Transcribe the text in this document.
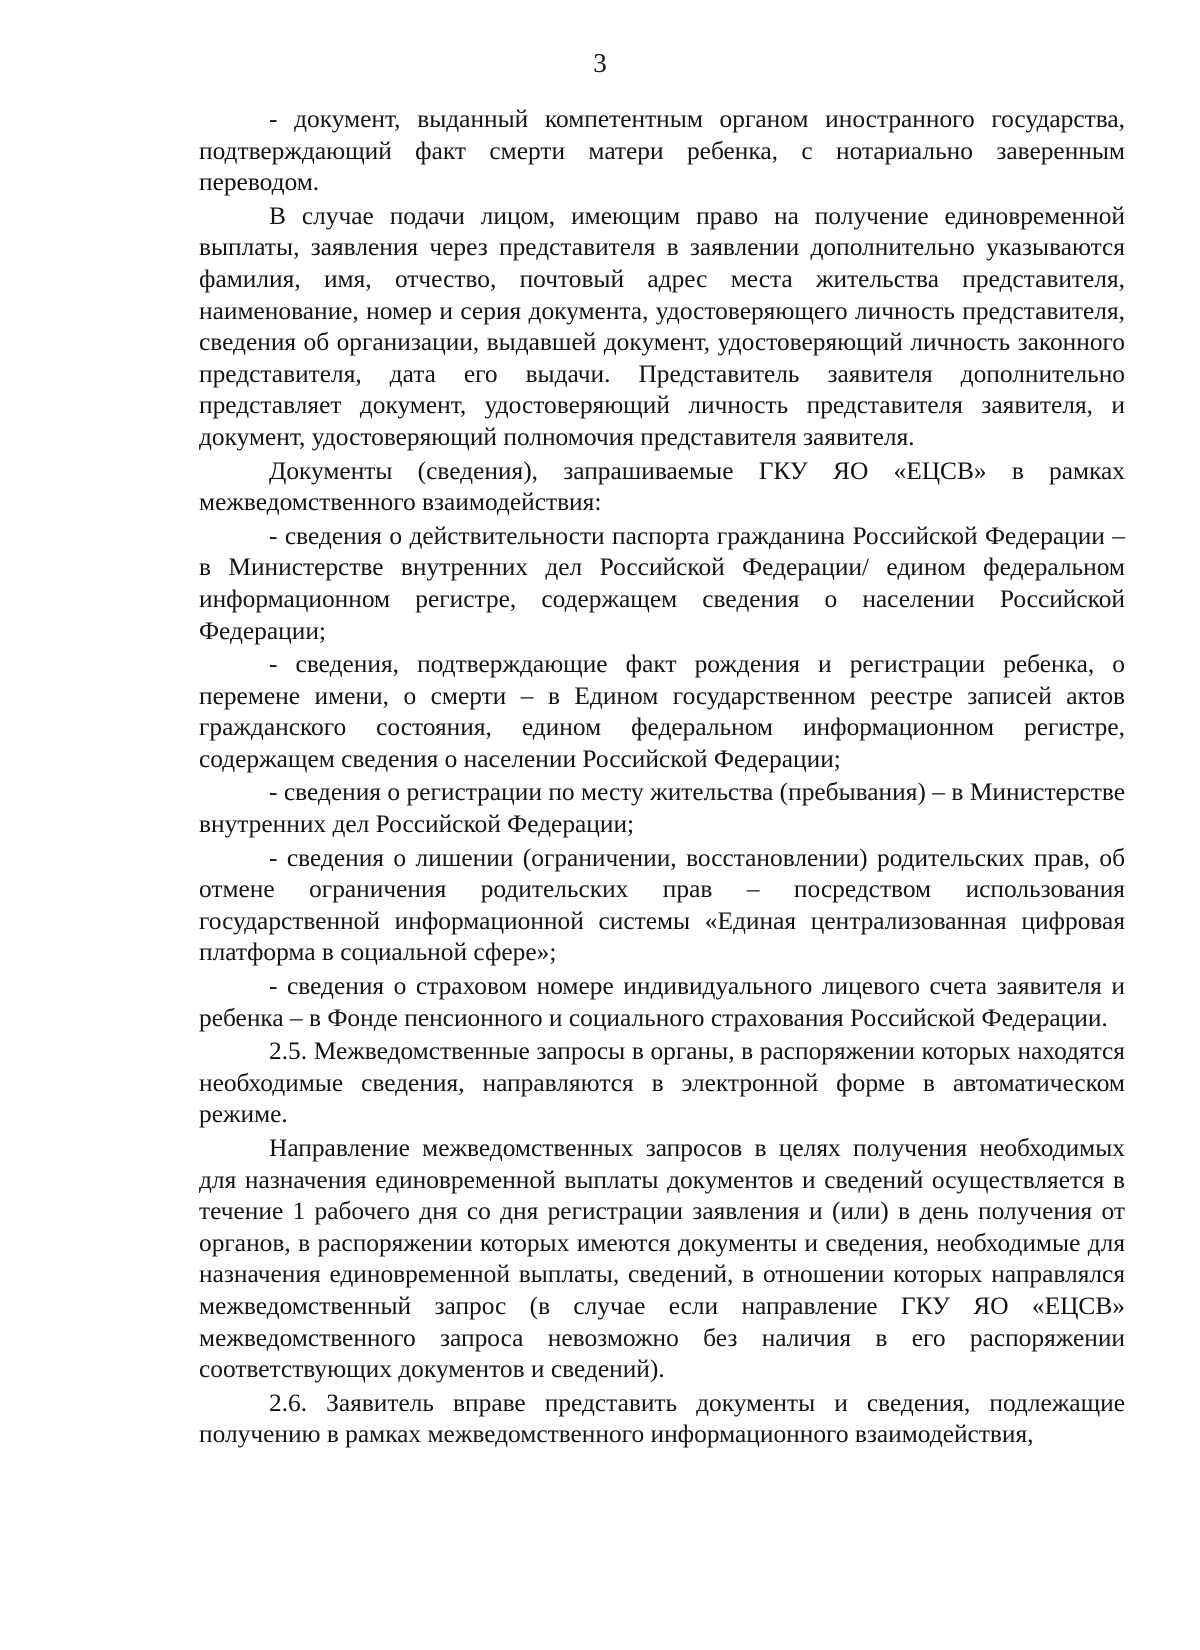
3

- документ, выданный компетентным органом иностранного государства, подтверждающий факт смерти матери ребенка, с нотариально заверенным переводом.

В случае подачи лицом, имеющим право на получение единовременной выплаты, заявления через представителя в заявлении дополнительно указываются фамилия, имя, отчество, почтовый адрес места жительства представителя, наименование, номер и серия документа, удостоверяющего личность представителя, сведения об организации, выдавшей документ, удостоверяющий личность законного представителя, дата его выдачи. Представитель заявителя дополнительно представляет документ, удостоверяющий личность представителя заявителя, и документ, удостоверяющий полномочия представителя заявителя.

Документы (сведения), запрашиваемые ГКУ ЯО «ЕЦСВ» в рамках межведомственного взаимодействия:

- сведения о действительности паспорта гражданина Российской Федерации – в Министерстве внутренних дел Российской Федерации/ едином федеральном информационном регистре, содержащем сведения о населении Российской Федерации;

- сведения, подтверждающие факт рождения и регистрации ребенка, о перемене имени, о смерти – в Едином государственном реестре записей актов гражданского состояния, едином федеральном информационном регистре, содержащем сведения о населении Российской Федерации;

- сведения о регистрации по месту жительства (пребывания) – в Министерстве внутренних дел Российской Федерации;

- сведения о лишении (ограничении, восстановлении) родительских прав, об отмене ограничения родительских прав – посредством использования государственной информационной системы «Единая централизованная цифровая платформа в социальной сфере»;

- сведения о страховом номере индивидуального лицевого счета заявителя и ребенка – в Фонде пенсионного и социального страхования Российской Федерации.

2.5. Межведомственные запросы в органы, в распоряжении которых находятся необходимые сведения, направляются в электронной форме в автоматическом режиме.

Направление межведомственных запросов в целях получения необходимых для назначения единовременной выплаты документов и сведений осуществляется в течение 1 рабочего дня со дня регистрации заявления и (или) в день получения от органов, в распоряжении которых имеются документы и сведения, необходимые для назначения единовременной выплаты, сведений, в отношении которых направлялся межведомственный запрос (в случае если направление ГКУ ЯО «ЕЦСВ» межведомственного запроса невозможно без наличия в его распоряжении соответствующих документов и сведений).

2.6. Заявитель вправе представить документы и сведения, подлежащие получению в рамках межведомственного информационного взаимодействия,
